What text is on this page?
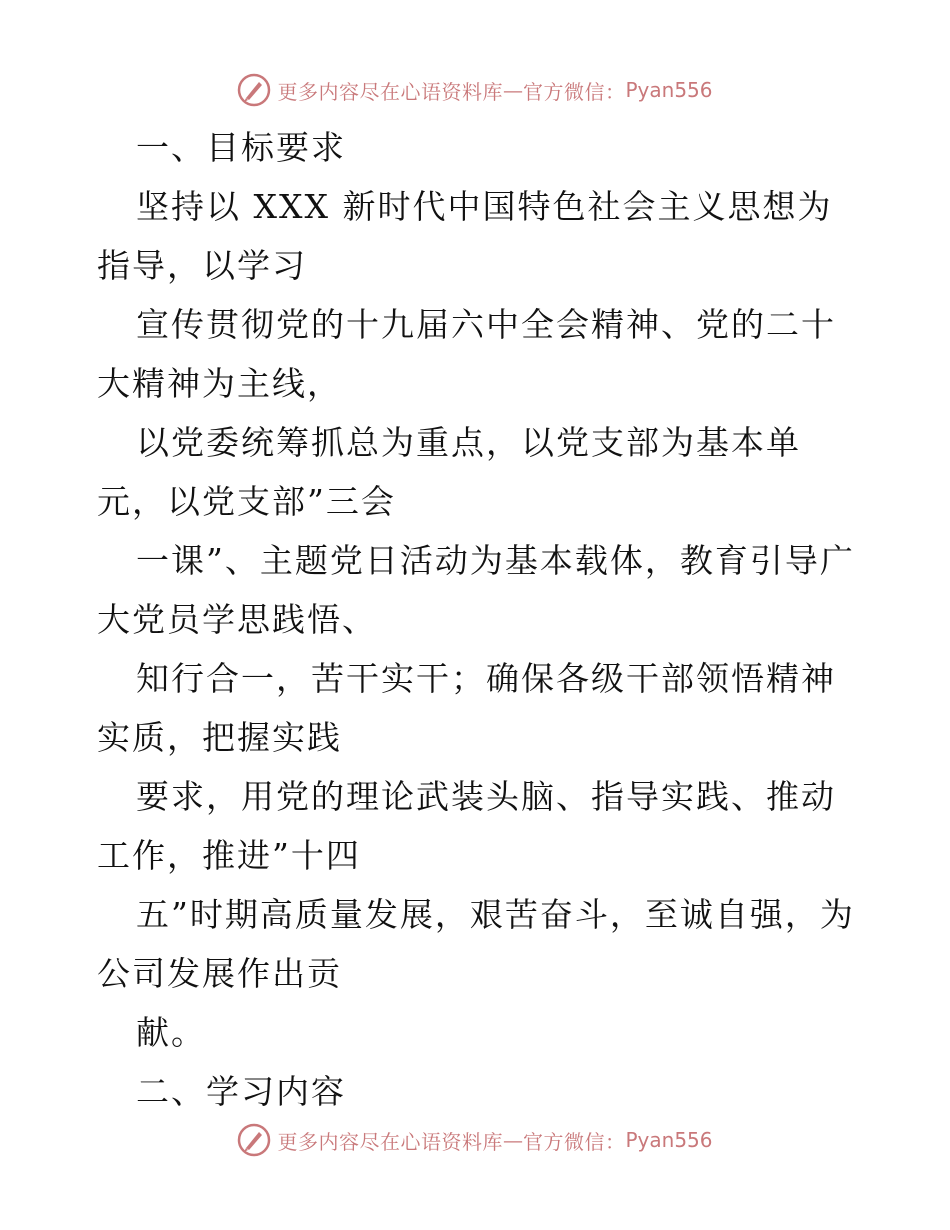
更多内容尽在心语资料库 — 官方微信： Pyan556

一、目标要求

坚持以 XXX 新时代中国特色社会主义思想为指导，以学习

宣传贯彻党的十九届六中全会精神、党的二十大精神为主线，

以党委统筹抓总为重点，以党支部为基本单元，以党支部”三会

一课”、主题党日活动为基本载体，教育引导广大党员学思践悟、

知行合一，苦干实干；确保各级干部领悟精神实质，把握实践

要求，用党的理论武装头脑、指导实践、推动工作，推进”十四

五”时期高质量发展，艰苦奋斗，至诚自强，为公司发展作出贡

献。

二、学习内容

更多内容尽在心语资料库 — 官方微信： Pyan556
